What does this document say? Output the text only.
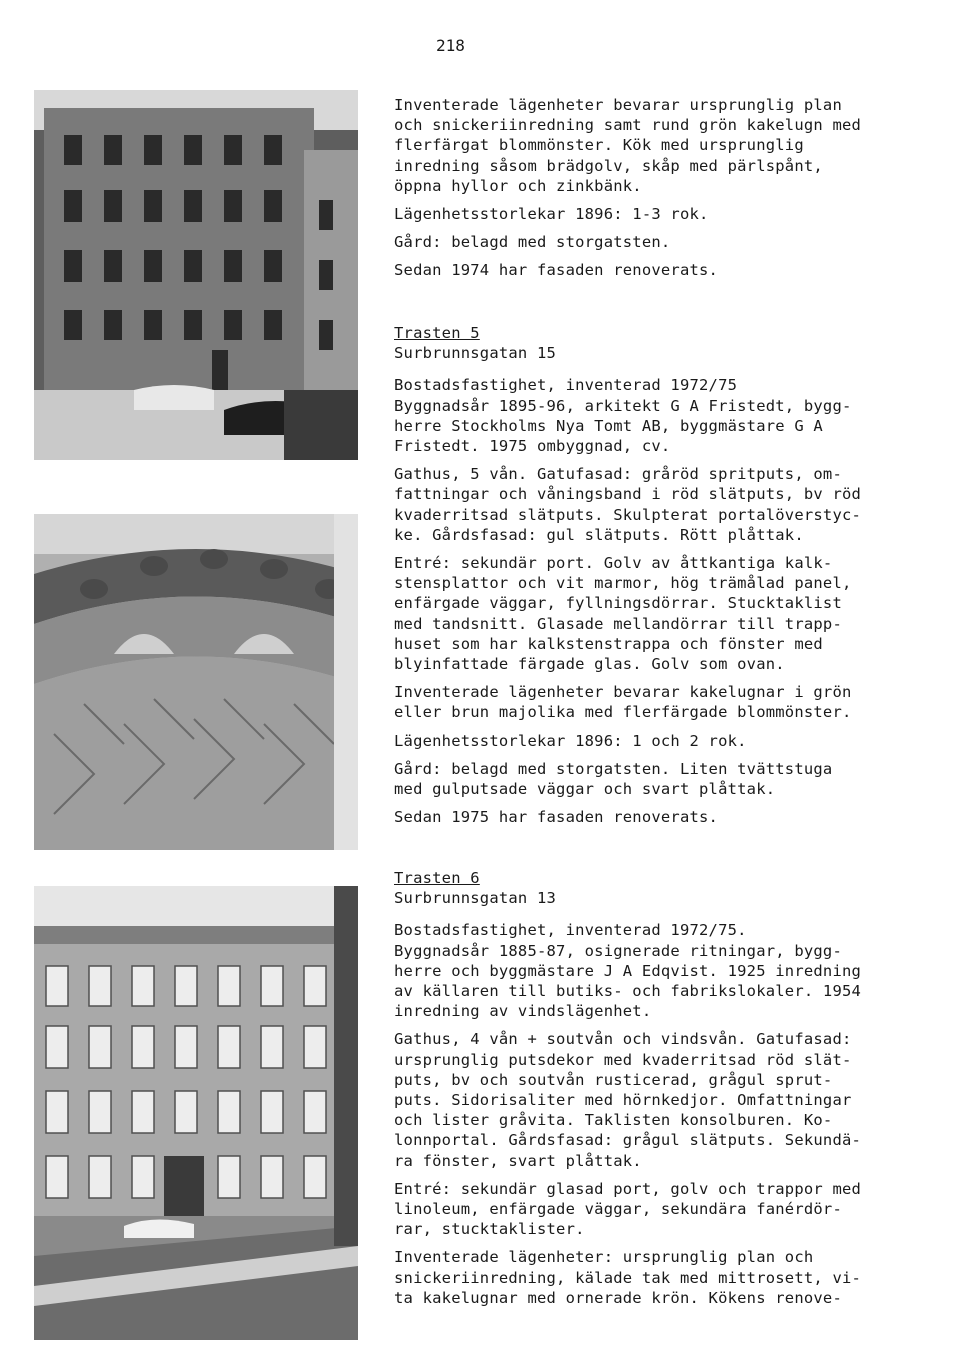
218

Inventerade lägenheter bevarar ursprunglig plan
och snickeriinredning samt rund grön kakelugn med
flerfärgat blommönster. Kök med ursprunglig
inredning såsom brädgolv, skåp med pärlspånt,
öppna hyllor och zinkbänk.

Lägenhetsstorlekar 1896: 1-3 rok.

Gård: belagd med storgatsten.

Sedan 1974 har fasaden renoverats.

Trasten 5
Surbrunnsgatan 15

Bostadsfastighet, inventerad 1972/75
Byggnadsår 1895-96, arkitekt G A Fristedt, bygg-
herre Stockholms Nya Tomt AB, byggmästare G A
Fristedt. 1975 ombyggnad, cv.

Gathus, 5 vån. Gatufasad: gråröd spritputs, om-
fattningar och våningsband i röd slätputs, bv röd
kvaderritsad slätputs. Skulpterat portalöverstyc-
ke. Gårdsfasad: gul slätputs. Rött plåttak.

Entré: sekundär port. Golv av åttkantiga kalk-
stensplattor och vit marmor, hög trämålad panel,
enfärgade väggar, fyllningsdörrar. Stucktaklist
med tandsnitt. Glasade mellandörrar till trapp-
huset som har kalkstenstrappa och fönster med
blyinfattade färgade glas. Golv som ovan.

Inventerade lägenheter bevarar kakelugnar i grön
eller brun majolika med flerfärgade blommönster.

Lägenhetsstorlekar 1896: 1 och 2 rok.

Gård: belagd med storgatsten. Liten tvättstuga
med gulputsade väggar och svart plåttak.

Sedan 1975 har fasaden renoverats.

Trasten 6
Surbrunnsgatan 13

Bostadsfastighet, inventerad 1972/75.
Byggnadsår 1885-87, osignerade ritningar, bygg-
herre och byggmästare J A Edqvist. 1925 inredning
av källaren till butiks- och fabrikslokaler. 1954
inredning av vindslägenhet.

Gathus, 4 vån + soutvån och vindsvån. Gatufasad:
ursprunglig putsdekor med kvaderritsad röd slät-
puts, bv och soutvån rusticerad, grågul sprut-
puts. Sidorisaliter med hörnkedjor. Omfattningar
och lister gråvita. Taklisten konsolburen. Ko-
lonnportal. Gårdsfasad: grågul slätputs. Sekundä-
ra fönster, svart plåttak.

Entré: sekundär glasad port, golv och trappor med
linoleum, enfärgade väggar, sekundära fanérdör-
rar, stucktaklister.

Inventerade lägenheter: ursprunglig plan och
snickeriinredning, kälade tak med mittrosett, vi-
ta kakelugnar med ornerade krön. Kökens renove-
